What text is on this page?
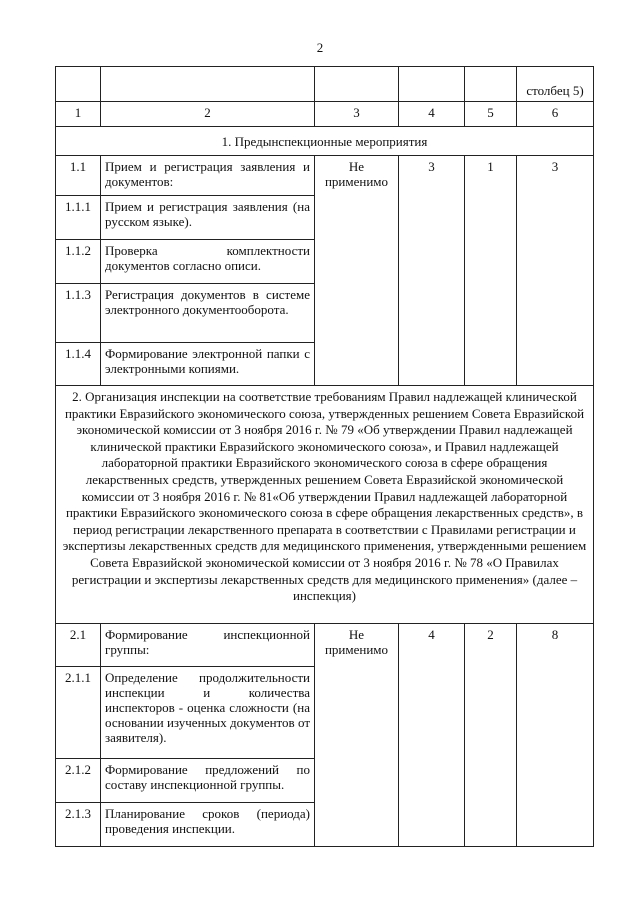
2
					столбец 5)
1	2	3	4	5	6
1. Предынспекционные мероприятия					
1.1	Прием и регистрация заявления и документов:	Не применимо	3	1	3
1.1.1	Прием и регистрация заявления (на русском языке).				
1.1.2	Проверка комплектности документов согласно описи.				
1.1.3	Регистрация документов в системе электронного документооборота.				
1.1.4	Формирование электронной папки с электронными копиями.				
2. Организация инспекции на соответствие требованиям Правил надлежащей клинической практики Евразийского экономического союза, утвержденных решением Совета Евразийской экономической комиссии от 3 ноября 2016 г. № 79 «Об утверждении Правил надлежащей клинической практики Евразийского экономического союза», и Правил надлежащей лабораторной практики Евразийского экономического союза в сфере обращения лекарственных средств, утвержденных решением Совета Евразийской экономической комиссии от 3 ноября 2016 г. № 81«Об утверждении Правил надлежащей лабораторной практики Евразийского экономического союза в сфере обращения лекарственных средств», в период регистрации лекарственного препарата в соответствии с Правилами регистрации и экспертизы лекарственных средств для медицинского применения, утвержденными решением Совета Евразийской экономической комиссии от 3 ноября 2016 г. № 78 «О Правилах регистрации и экспертизы лекарственных средств для медицинского применения» (далее – инспекция)					
2.1	Формирование инспекционной группы:	Не применимо	4	2	8
2.1.1	Определение продолжительности инспекции и количества инспекторов - оценка сложности (на основании изученных документов от заявителя).				
2.1.2	Формирование предложений по составу инспекционной группы.				
2.1.3	Планирование сроков (периода) проведения инспекции.				
